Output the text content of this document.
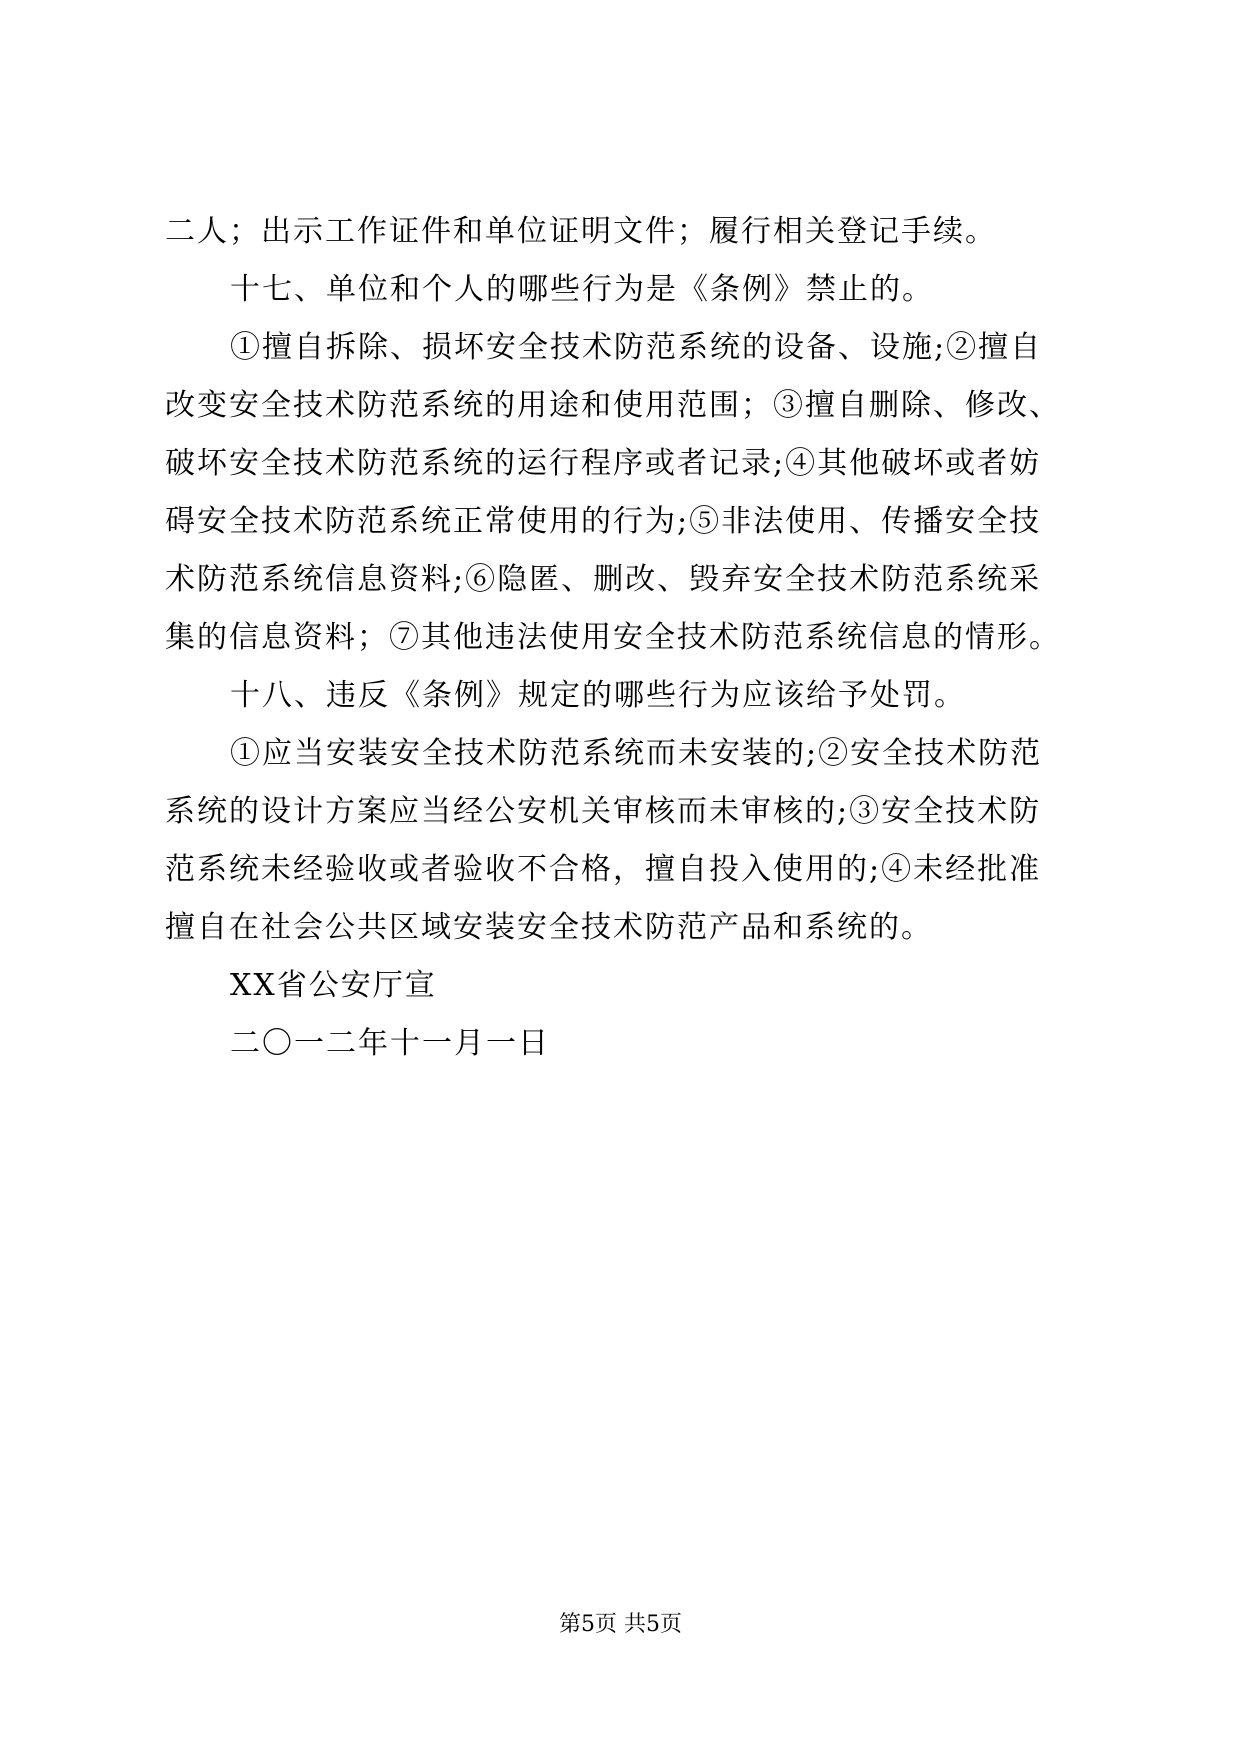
二人；出示工作证件和单位证明文件；履行相关登记手续。
十七、单位和个人的哪些行为是《条例》禁止的。
①擅自拆除、损坏安全技术防范系统的设备、设施;②擅自
改变安全技术防范系统的用途和使用范围；③擅自删除、修改、
破坏安全技术防范系统的运行程序或者记录;④其他破坏或者妨
碍安全技术防范系统正常使用的行为;⑤非法使用、传播安全技
术防范系统信息资料;⑥隐匿、删改、毁弃安全技术防范系统采
集的信息资料；⑦其他违法使用安全技术防范系统信息的情形。
十八、违反《条例》规定的哪些行为应该给予处罚。
①应当安装安全技术防范系统而未安装的;②安全技术防范
系统的设计方案应当经公安机关审核而未审核的;③安全技术防
范系统未经验收或者验收不合格，擅自投入使用的;④未经批准
擅自在社会公共区域安装安全技术防范产品和系统的。
XX省公安厅宣
二〇一二年十一月一日
第5页 共5页
